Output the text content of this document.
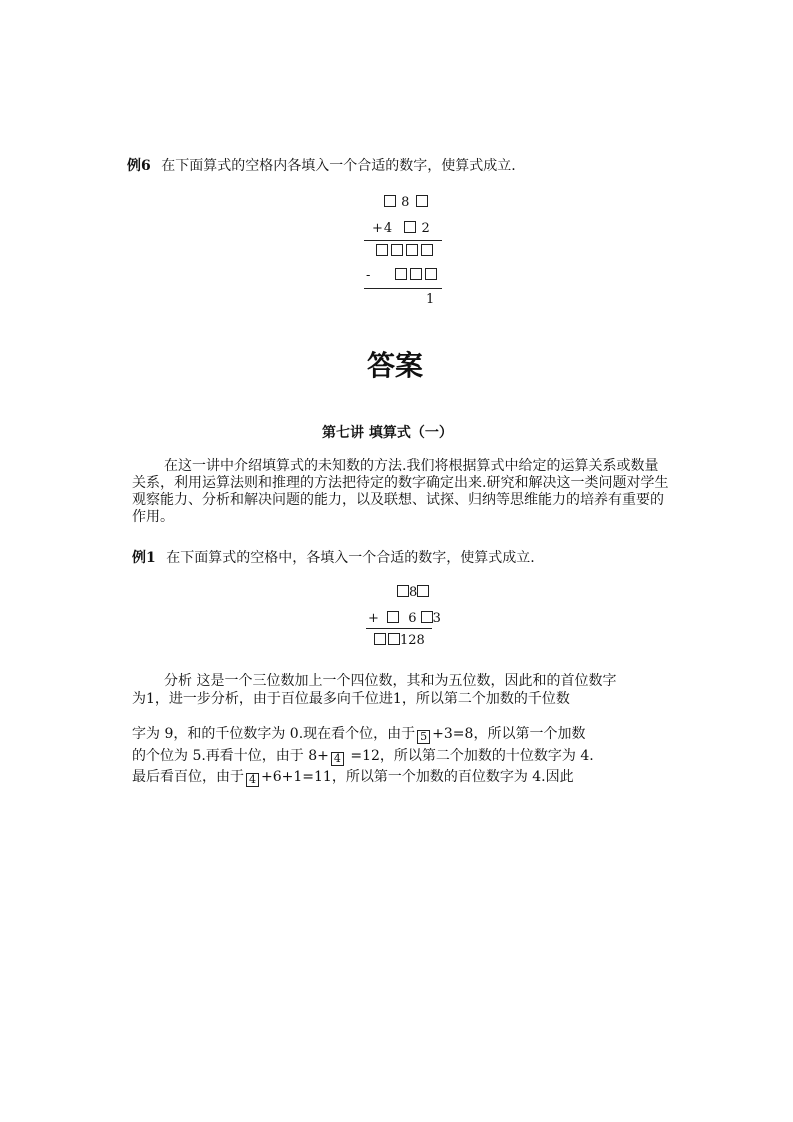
例6 在下面算式的空格内各填入一个合适的数字，使算式成立.
8
+4 2
-
1
答案
第七讲 填算式（一）
在这一讲中介绍填算式的未知数的方法.我们将根据算式中给定的运算关系或数量关系，利用运算法则和推理的方法把待定的数字确定出来.研究和解决这一类问题对学生观察能力、分析和解决问题的能力，以及联想、试探、归纳等思维能力的培养有重要的作用。
例1 在下面算式的空格中，各填入一个合适的数字，使算式成立.
8
+ 6 3
128
分析 这是一个三位数加上一个四位数，其和为五位数，因此和的首位数字
为1，进一步分析，由于百位最多向千位进1，所以第二个加数的千位数
字为 9，和的千位数字为 0.现在看个位，由于 5 +3=8，所以第一个加数
的个位为 5.再看十位，由于 8+ 4 =12，所以第二个加数的十位数字为 4.
最后看百位，由于 4 +6+1=11，所以第一个加数的百位数字为 4.因此
